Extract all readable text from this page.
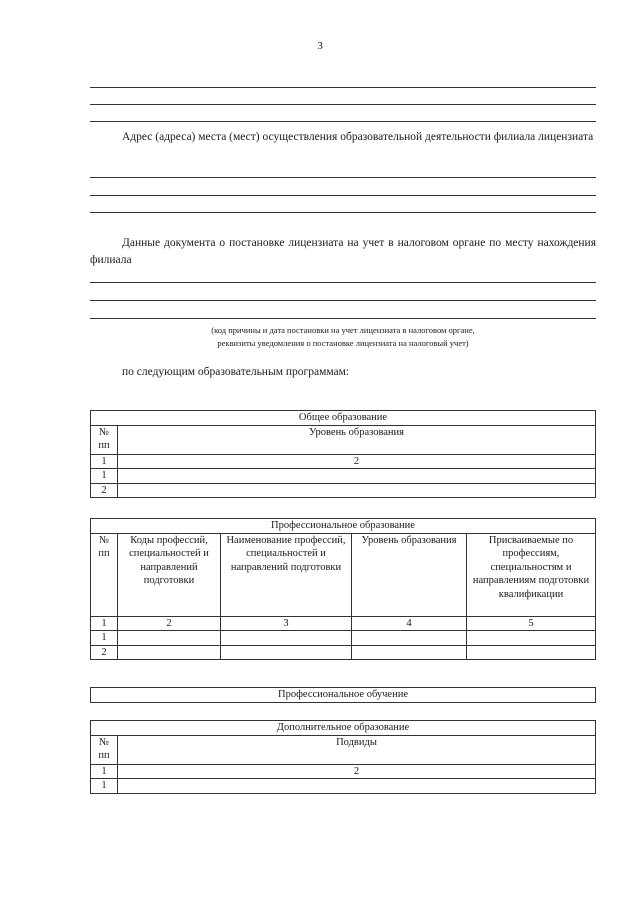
3
Адрес (адреса) места (мест) осуществления образовательной деятельности филиала лицензиата
Данные документа о постановке лицензиата на учет в налоговом органе по месту нахождения филиала
(код причины и дата постановки на учет лицензиата в налоговом органе,
реквизиты уведомления о постановке лицензиата на налоговый учет)
по следующим образовательным программам:
Общее образование	
№ пп	Уровень образования
1	2
1	
2	
Профессиональное образование				
№ пп	Коды профессий, специальностей и направлений подготовки	Наименование профессий, специальностей и направлений подготовки	Уровень образования	Присваиваемые по профессиям, специальностям и направлениям подготовки квалификации
1	2	3	4	5
1				
2				
Профессиональное обучение
Дополнительное образование	
№ пп	Подвиды
1	2
1	
